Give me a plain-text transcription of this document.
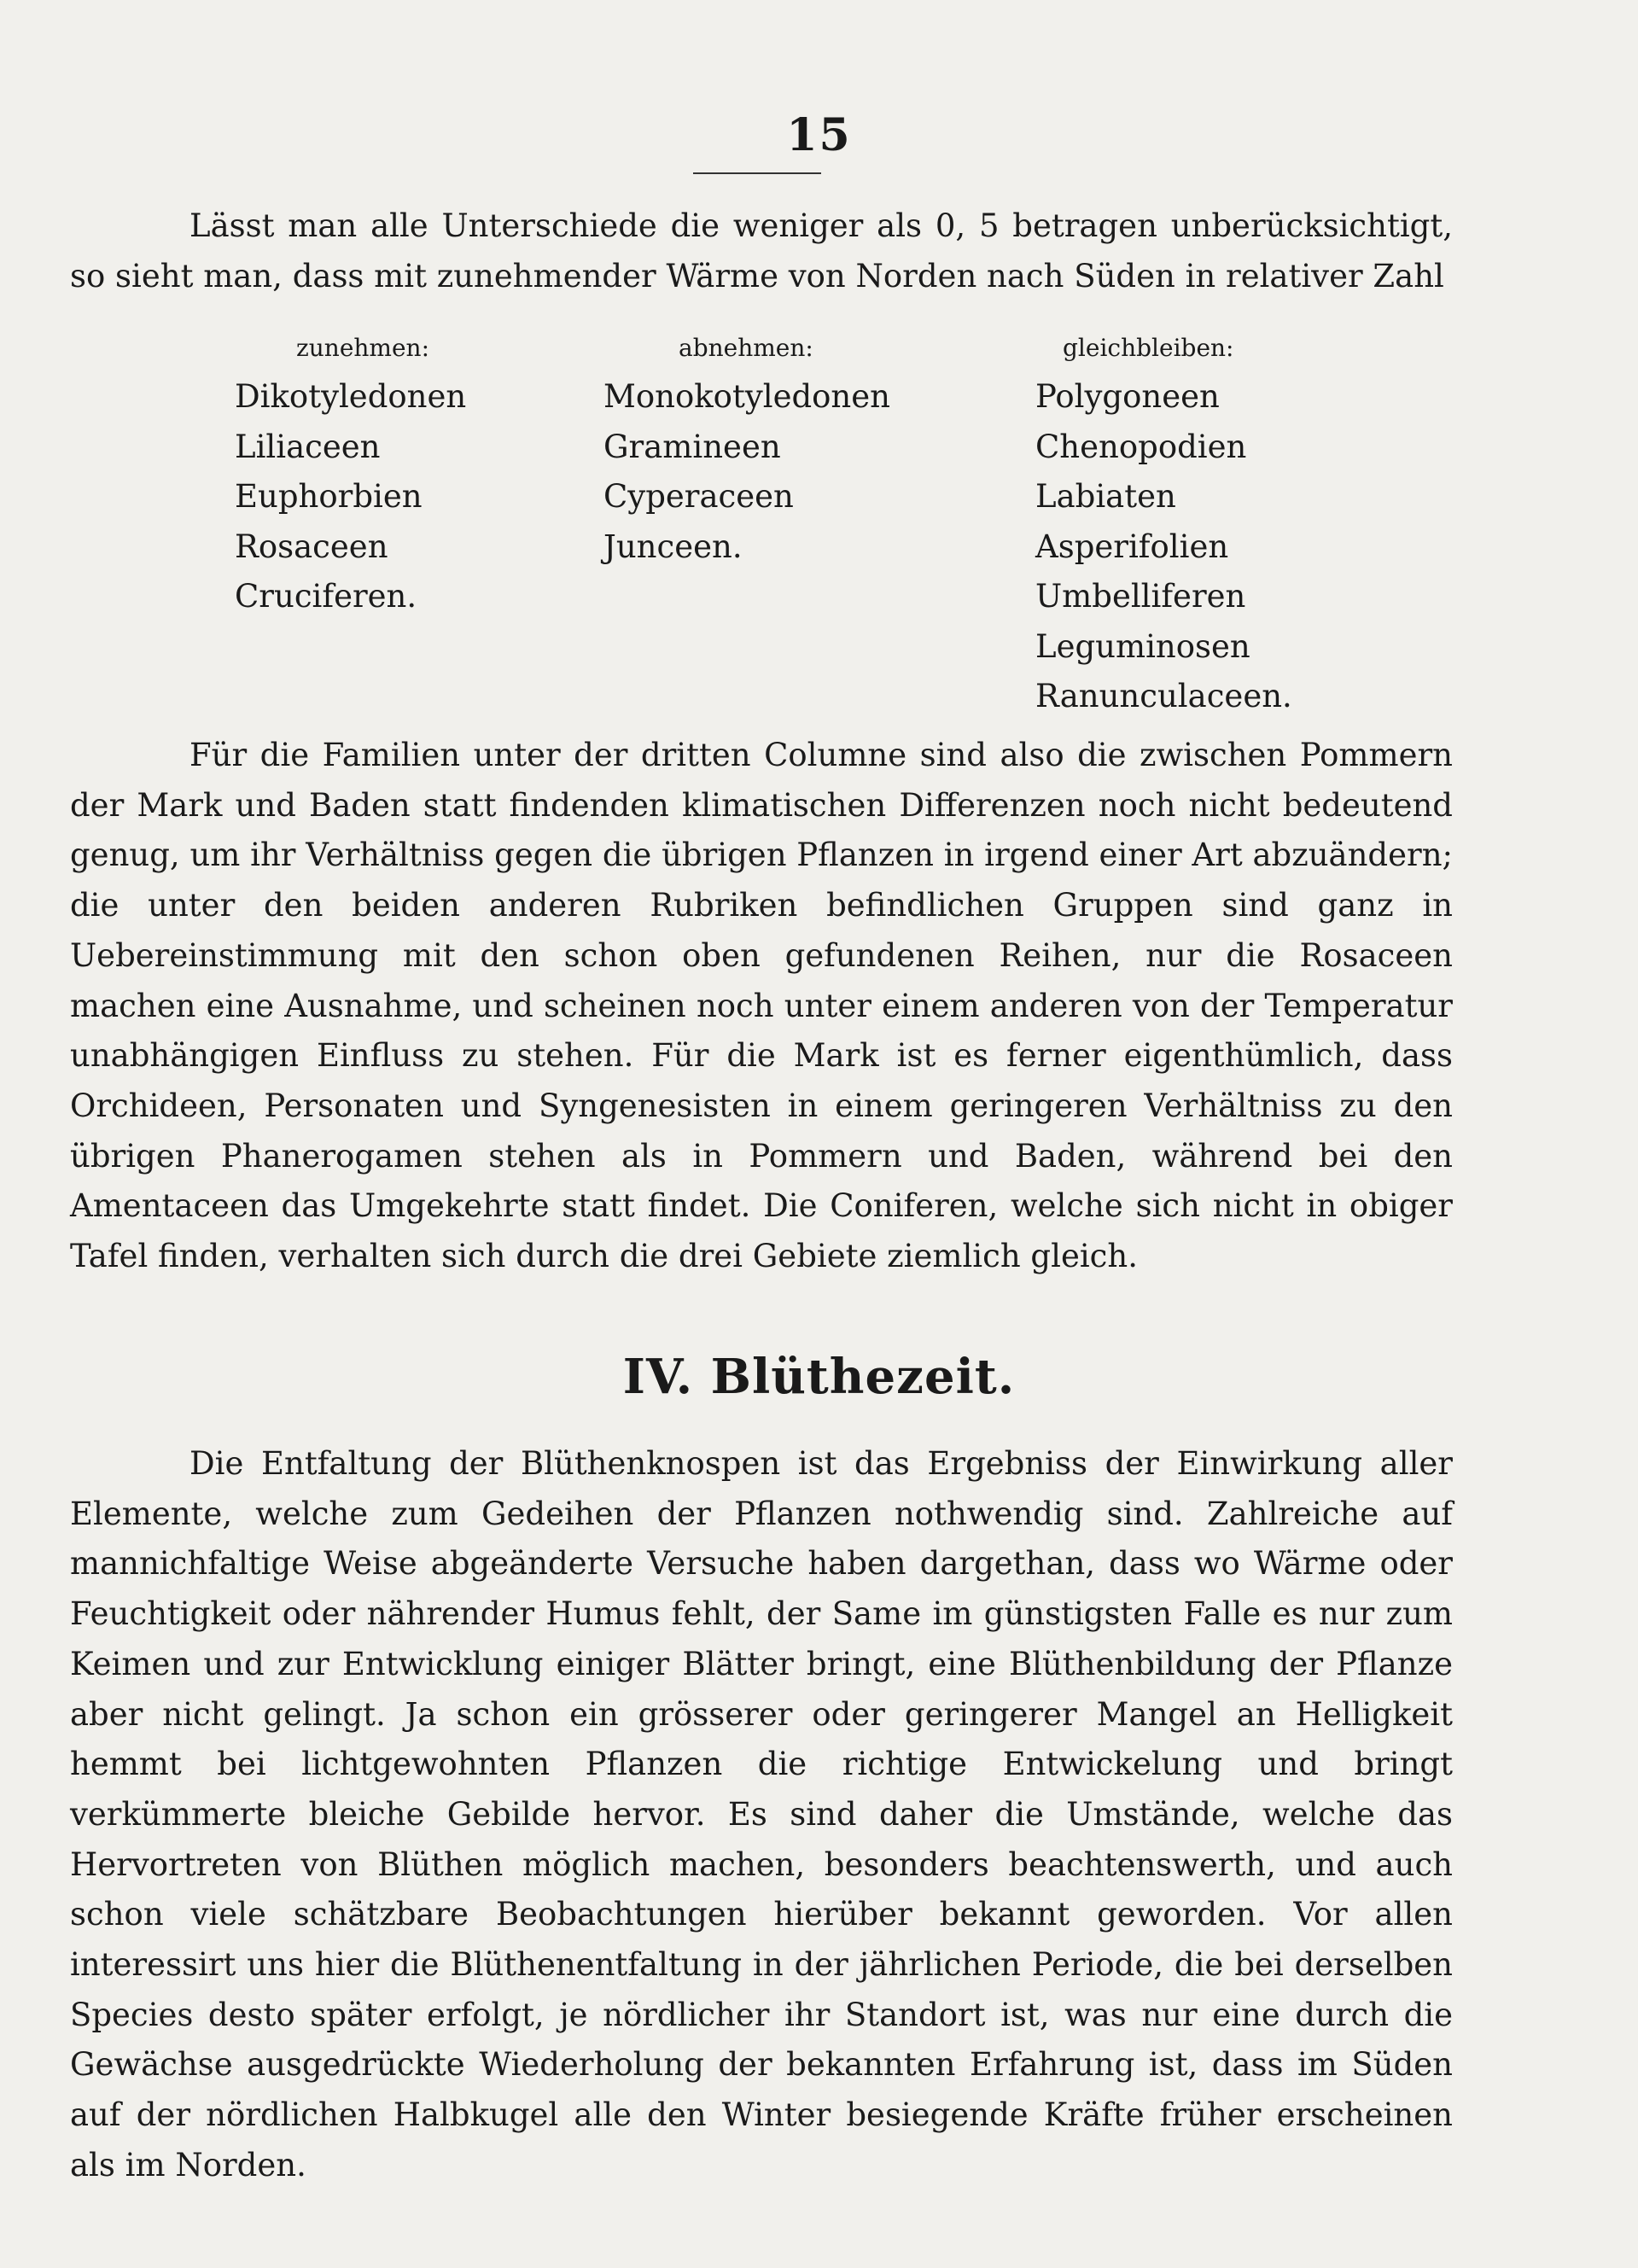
15

Lässt man alle Unterschiede die weniger als 0, 5 betragen unberücksichtigt, so sieht man, dass mit zunehmender Wärme von Norden nach Süden in relativer Zahl

zunehmen:
Dikotyledonen
Liliaceen
Euphorbien
Rosaceen
Cruciferen.
abnehmen:
Monokotyledonen
Gramineen
Cyperaceen
Junceen.
gleichbleiben:
Polygoneen
Chenopodien
Labiaten
Asperifolien
Umbelliferen
Leguminosen
Ranunculaceen.

Für die Familien unter der dritten Columne sind also die zwischen Pommern der Mark und Baden statt findenden klimatischen Differenzen noch nicht bedeutend genug, um ihr Verhältniss gegen die übrigen Pflanzen in irgend einer Art abzuändern; die unter den beiden anderen Rubriken befindlichen Gruppen sind ganz in Uebereinstimmung mit den schon oben gefundenen Reihen, nur die Rosaceen machen eine Ausnahme, und scheinen noch unter einem anderen von der Temperatur unabhängigen Einfluss zu stehen. Für die Mark ist es ferner eigenthümlich, dass Orchideen, Personaten und Syngenesisten in einem geringeren Verhältniss zu den übrigen Phanerogamen stehen als in Pommern und Baden, während bei den Amentaceen das Umgekehrte statt findet. Die Coniferen, welche sich nicht in obiger Tafel finden, verhalten sich durch die drei Gebiete ziemlich gleich.

IV. Blüthezeit.

Die Entfaltung der Blüthenknospen ist das Ergebniss der Einwirkung aller Elemente, welche zum Gedeihen der Pflanzen nothwendig sind. Zahlreiche auf mannichfaltige Weise abgeänderte Versuche haben dargethan, dass wo Wärme oder Feuchtigkeit oder nährender Humus fehlt, der Same im günstigsten Falle es nur zum Keimen und zur Entwicklung einiger Blätter bringt, eine Blüthenbildung der Pflanze aber nicht gelingt. Ja schon ein grösserer oder geringerer Mangel an Helligkeit hemmt bei lichtgewohnten Pflanzen die richtige Entwickelung und bringt verkümmerte bleiche Gebilde hervor. Es sind daher die Umstände, welche das Hervortreten von Blüthen möglich machen, besonders beachtenswerth, und auch schon viele schätzbare Beobachtungen hierüber bekannt geworden. Vor allen interessirt uns hier die Blüthenentfaltung in der jährlichen Periode, die bei derselben Species desto später erfolgt, je nördlicher ihr Standort ist, was nur eine durch die Gewächse ausgedrückte Wiederholung der bekannten Erfahrung ist, dass im Süden auf der nördlichen Halbkugel alle den Winter besiegende Kräfte früher erscheinen als im Norden.
